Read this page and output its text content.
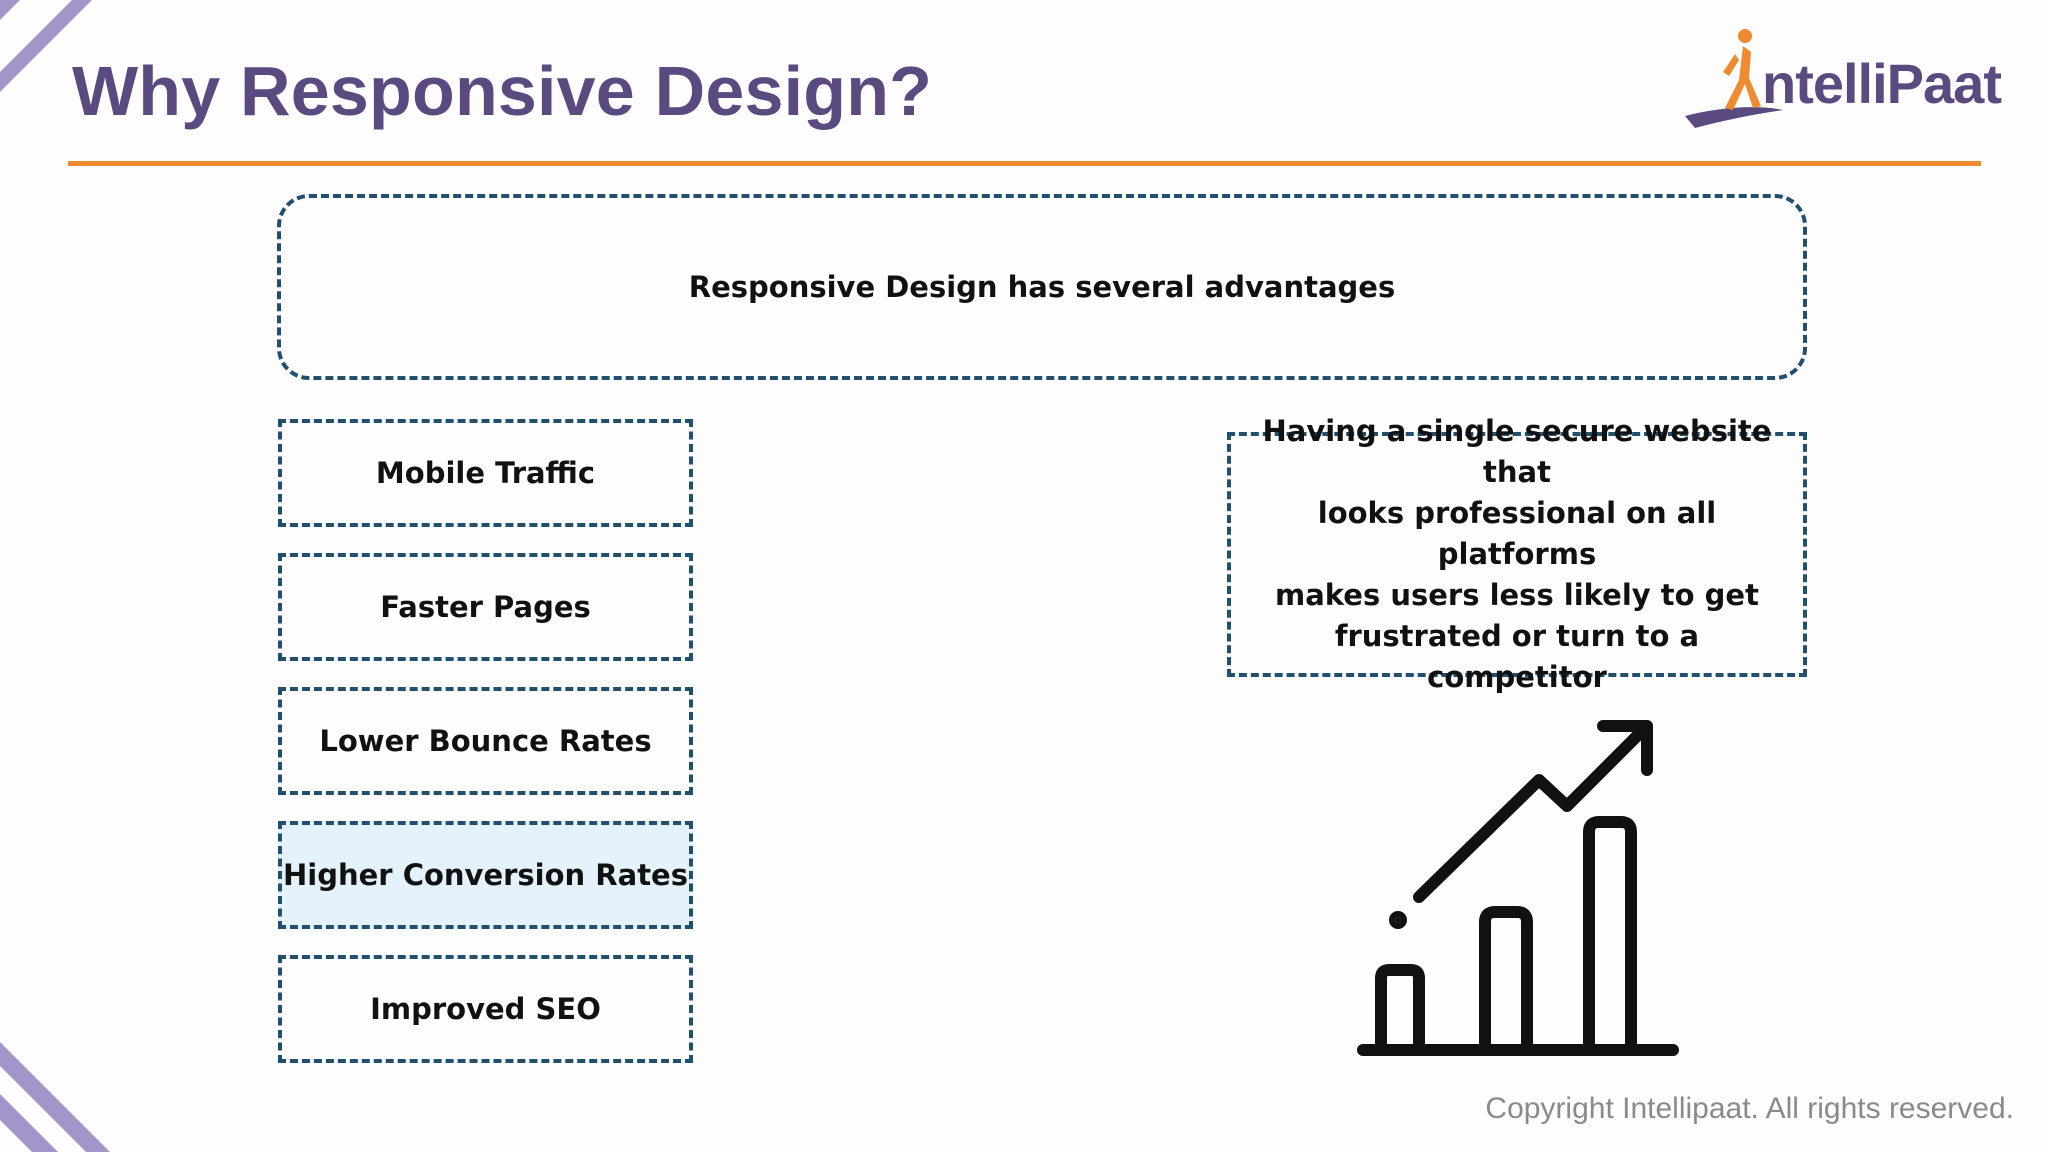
Why Responsive Design?	ntelliPaat
Responsive Design has several advantages
Mobile Traffic
Faster Pages
Lower Bounce Rates
Higher Conversion Rates
Improved SEO
Having a single secure website that
looks professional on all platforms
makes users less likely to get
frustrated or turn to a competitor
Copyright Intellipaat. All rights reserved.
